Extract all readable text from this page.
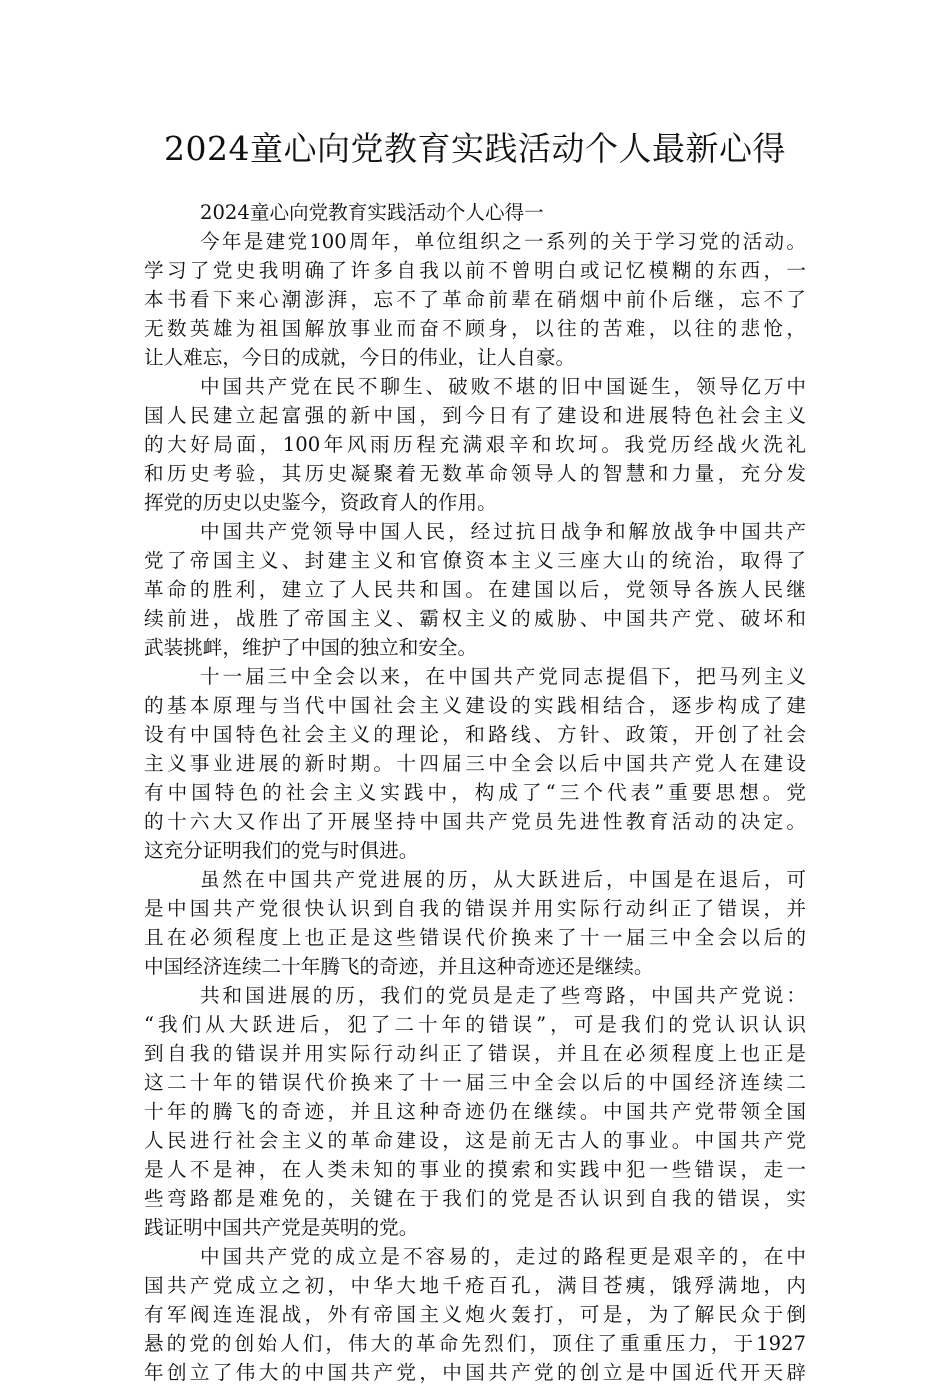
2024童心向党教育实践活动个人最新心得
2024童心向党教育实践活动个人心得一
今年是建党100周年，单位组织之一系列的关于学习党的活动。
学习了党史我明确了许多自我以前不曾明白或记忆模糊的东西，一
本书看下来心潮澎湃，忘不了革命前辈在硝烟中前仆后继，忘不了
无数英雄为祖国解放事业而奋不顾身，以往的苦难，以往的悲怆，
让人难忘，今日的成就，今日的伟业，让人自豪。
中国共产党在民不聊生、破败不堪的旧中国诞生，领导亿万中
国人民建立起富强的新中国，到今日有了建设和进展特色社会主义
的大好局面，100年风雨历程充满艰辛和坎坷。我党历经战火洗礼
和历史考验，其历史凝聚着无数革命领导人的智慧和力量，充分发
挥党的历史以史鉴今，资政育人的作用。
中国共产党领导中国人民，经过抗日战争和解放战争中国共产
党了帝国主义、封建主义和官僚资本主义三座大山的统治，取得了
革命的胜利，建立了人民共和国。在建国以后，党领导各族人民继
续前进，战胜了帝国主义、霸权主义的威胁、中国共产党、破坏和
武装挑衅，维护了中国的独立和安全。
十一届三中全会以来，在中国共产党同志提倡下，把马列主义
的基本原理与当代中国社会主义建设的实践相结合，逐步构成了建
设有中国特色社会主义的理论，和路线、方针、政策，开创了社会
主义事业进展的新时期。十四届三中全会以后中国共产党人在建设
有中国特色的社会主义实践中，构成了“三个代表”重要思想。党
的十六大又作出了开展坚持中国共产党员先进性教育活动的决定。
这充分证明我们的党与时俱进。
虽然在中国共产党进展的历，从大跃进后，中国是在退后，可
是中国共产党很快认识到自我的错误并用实际行动纠正了错误，并
且在必须程度上也正是这些错误代价换来了十一届三中全会以后的
中国经济连续二十年腾飞的奇迹，并且这种奇迹还是继续。
共和国进展的历，我们的党员是走了些弯路，中国共产党说：
“我们从大跃进后，犯了二十年的错误”，可是我们的党认识认识
到自我的错误并用实际行动纠正了错误，并且在必须程度上也正是
这二十年的错误代价换来了十一届三中全会以后的中国经济连续二
十年的腾飞的奇迹，并且这种奇迹仍在继续。中国共产党带领全国
人民进行社会主义的革命建设，这是前无古人的事业。中国共产党
是人不是神，在人类未知的事业的摸索和实践中犯一些错误，走一
些弯路都是难免的，关键在于我们的党是否认识到自我的错误，实
践证明中国共产党是英明的党。
中国共产党的成立是不容易的，走过的路程更是艰辛的，在中
国共产党成立之初，中华大地千疮百孔，满目苍痍，饿殍满地，内
有军阀连连混战，外有帝国主义炮火轰打，可是，为了解民众于倒
悬的党的创始人们，伟大的革命先烈们，顶住了重重压力，于1927
年创立了伟大的中国共产党，中国共产党的创立是中国近代开天辟
